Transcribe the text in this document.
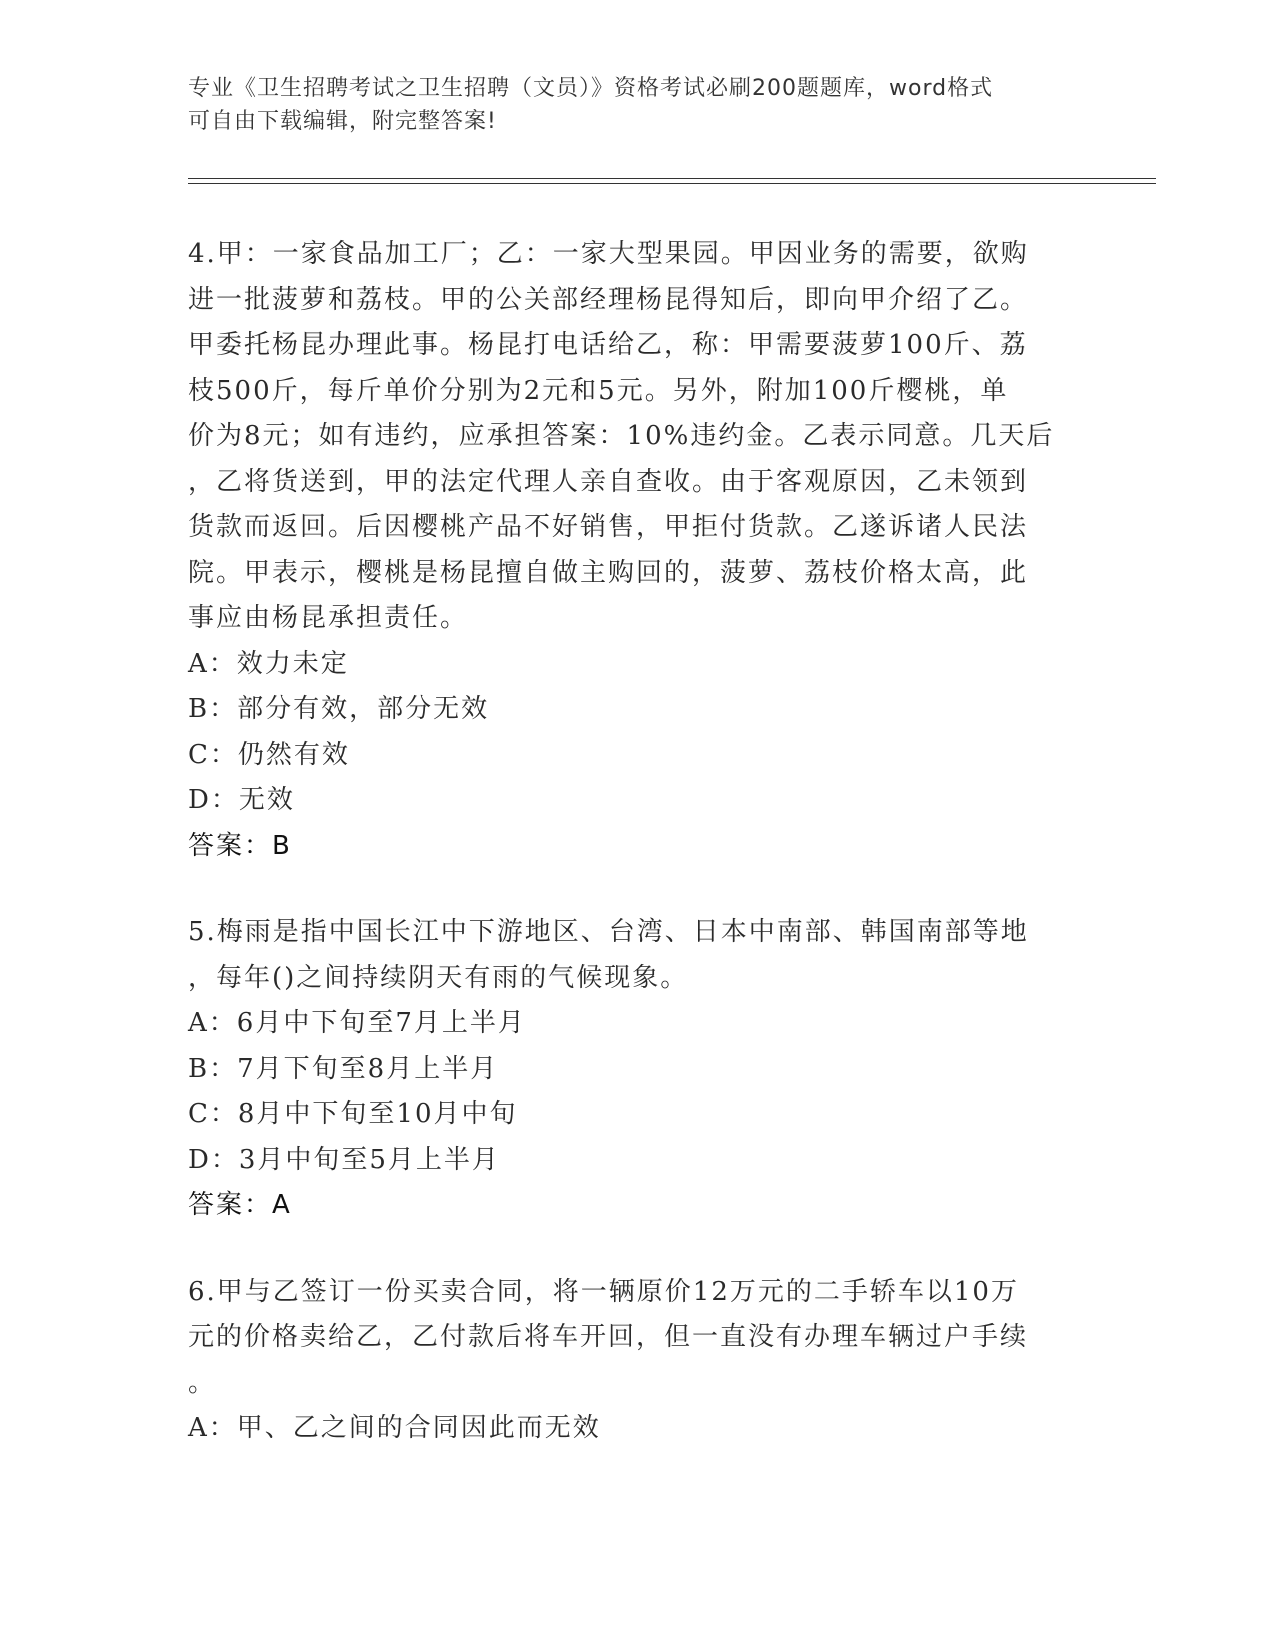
专业《卫生招聘考试之卫生招聘（文员）》资格考试必刷200题题库，word格式
可自由下载编辑，附完整答案!
4.甲：一家食品加工厂；乙：一家大型果园。甲因业务的需要，欲购
进一批菠萝和荔枝。甲的公关部经理杨昆得知后，即向甲介绍了乙。
甲委托杨昆办理此事。杨昆打电话给乙，称：甲需要菠萝100斤、荔
枝500斤，每斤单价分别为2元和5元。另外，附加100斤樱桃，单
价为8元；如有违约，应承担答案：10%违约金。乙表示同意。几天后
，乙将货送到，甲的法定代理人亲自查收。由于客观原因，乙未领到
货款而返回。后因樱桃产品不好销售，甲拒付货款。乙遂诉诸人民法
院。甲表示，樱桃是杨昆擅自做主购回的，菠萝、荔枝价格太高，此
事应由杨昆承担责任。
A：效力未定
B：部分有效，部分无效
C：仍然有效
D：无效
答案：B
5.梅雨是指中国长江中下游地区、台湾、日本中南部、韩国南部等地
，每年()之间持续阴天有雨的气候现象。
A：6月中下旬至7月上半月
B：7月下旬至8月上半月
C：8月中下旬至10月中旬
D：3月中旬至5月上半月
答案：A
6.甲与乙签订一份买卖合同，将一辆原价12万元的二手轿车以10万
元的价格卖给乙，乙付款后将车开回，但一直没有办理车辆过户手续
。
A：甲、乙之间的合同因此而无效
